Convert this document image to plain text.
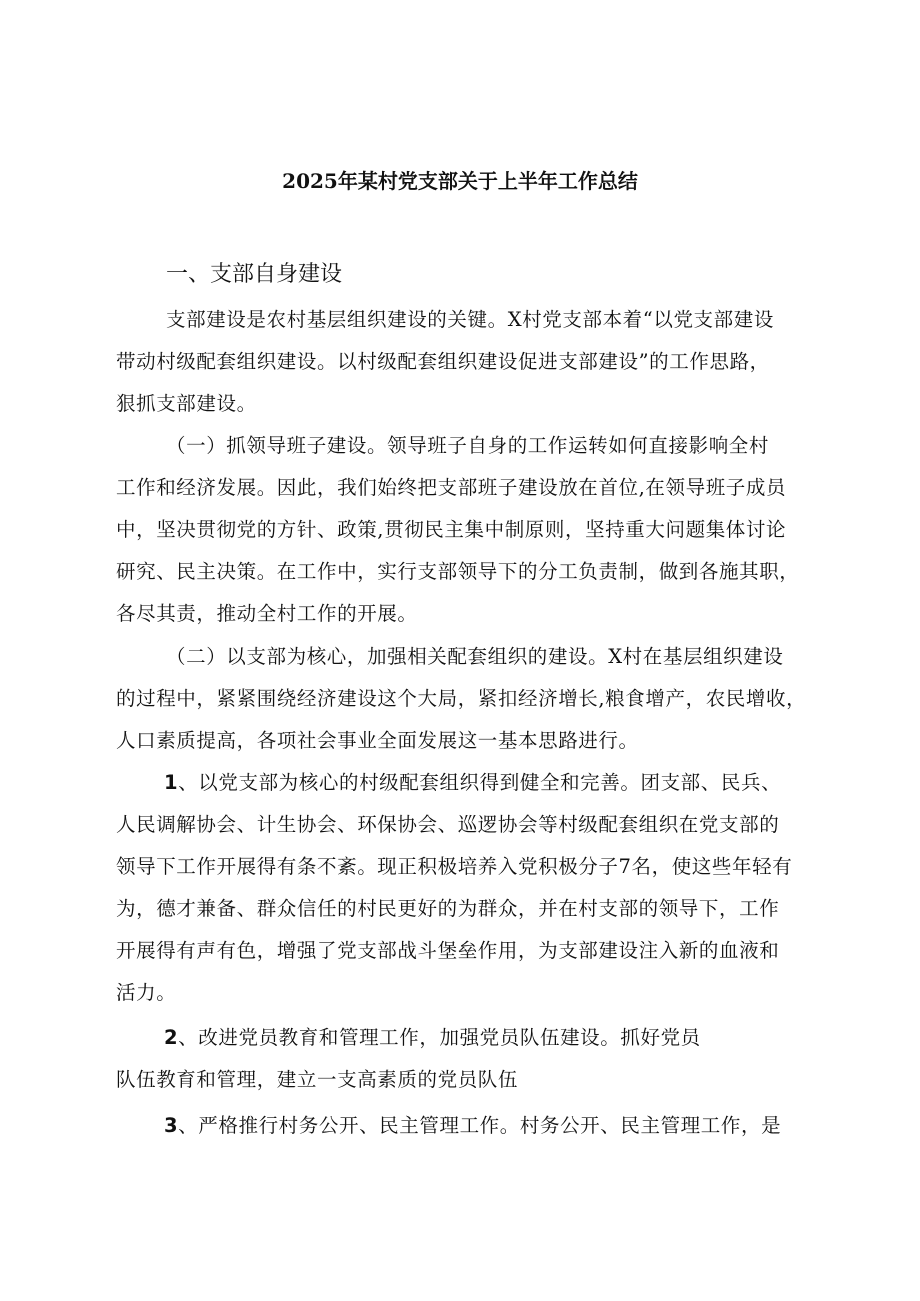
2025年某村党支部关于上半年工作总结
一、支部自身建设
支部建设是农村基层组织建设的关键。X村党支部本着“以党支部建设
带动村级配套组织建设。以村级配套组织建设促进支部建设”的工作思路，
狠抓支部建设。
（一）抓领导班子建设。领导班子自身的工作运转如何直接影响全村
工作和经济发展。因此，我们始终把支部班子建设放在首位,在领导班子成员
中，坚决贯彻党的方针、政策,贯彻民主集中制原则，坚持重大问题集体讨论
研究、民主决策。在工作中，实行支部领导下的分工负责制，做到各施其职，
各尽其责，推动全村工作的开展。
（二）以支部为核心，加强相关配套组织的建设。X村在基层组织建设
的过程中，紧紧围绕经济建设这个大局，紧扣经济增长,粮食增产，农民增收，
人口素质提高，各项社会事业全面发展这一基本思路进行。
1、以党支部为核心的村级配套组织得到健全和完善。团支部、民兵、
人民调解协会、计生协会、环保协会、巡逻协会等村级配套组织在党支部的
领导下工作开展得有条不紊。现正积极培养入党积极分子7名，使这些年轻有
为，德才兼备、群众信任的村民更好的为群众，并在村支部的领导下，工作
开展得有声有色，增强了党支部战斗堡垒作用，为支部建设注入新的血液和
活力。
2、改进党员教育和管理工作，加强党员队伍建设。抓好党员
队伍教育和管理，建立一支高素质的党员队伍
3、严格推行村务公开、民主管理工作。村务公开、民主管理工作，是
